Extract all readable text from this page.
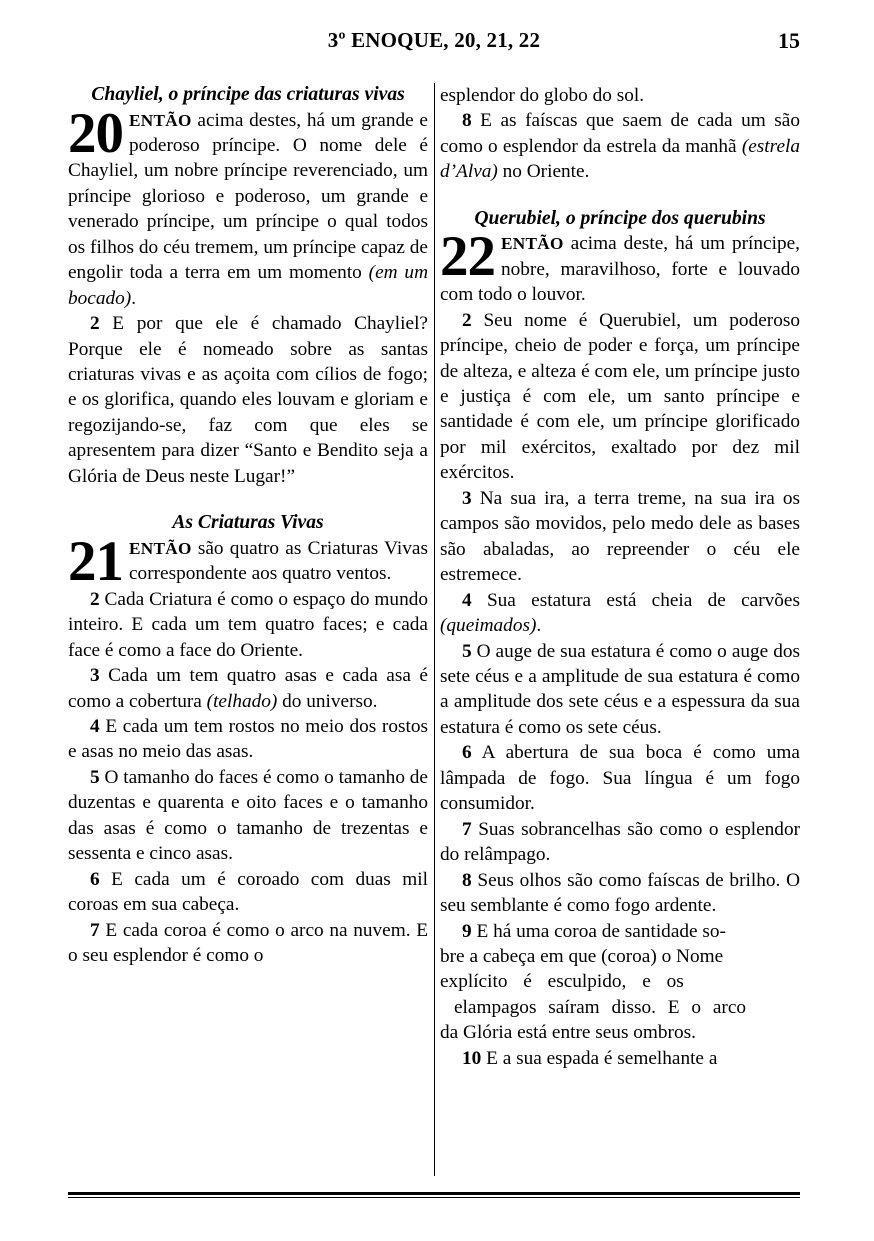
3º ENOQUE, 20, 21, 22	15
Chayliel, o príncipe das criaturas vivas
20 ENTÃO acima destes, há um grande e poderoso príncipe. O nome dele é Chayliel, um nobre príncipe reverenciado, um príncipe glorioso e poderoso, um grande e venerado príncipe, um príncipe o qual todos os filhos do céu tremem, um príncipe capaz de engolir toda a terra em um momento (em um bocado).

2 E por que ele é chamado Chayliel? Porque ele é nomeado sobre as santas criaturas vivas e as açoita com cílios de fogo; e os glorifica, quando eles louvam e gloriam e regozijando-se, faz com que eles se apresentem para dizer “Santo e Bendito seja a Glória de Deus neste Lugar!”

As Criaturas Vivas
21 ENTÃO são quatro as Criaturas Vivas correspondente aos quatro ventos.

2 Cada Criatura é como o espaço do mundo inteiro. E cada um tem quatro faces; e cada face é como a face do Oriente.

3 Cada um tem quatro asas e cada asa é como a cobertura (telhado) do universo.

4 E cada um tem rostos no meio dos rostos e asas no meio das asas.

5 O tamanho do faces é como o tamanho de duzentas e quarenta e oito faces e o tamanho das asas é como o tamanho de trezentas e sessenta e cinco asas.

6 E cada um é coroado com duas mil coroas em sua cabeça.

7 E cada coroa é como o arco na nuvem. E o seu esplendor é como o

esplendor do globo do sol.

8 E as faíscas que saem de cada um são como o esplendor da estrela da manhã (estrela d’Alva) no Oriente.

Querubiel, o príncipe dos querubins
22 ENTÃO acima deste, há um príncipe, nobre, maravilhoso, forte e louvado com todo o louvor.

2 Seu nome é Querubiel, um poderoso príncipe, cheio de poder e força, um príncipe de alteza, e alteza é com ele, um príncipe justo e justiça é com ele, um santo príncipe e santidade é com ele, um príncipe glorificado por mil exércitos, exaltado por dez mil exércitos.

3 Na sua ira, a terra treme, na sua ira os campos são movidos, pelo medo dele as bases são abaladas, ao repreender o céu ele estremece.

4 Sua estatura está cheia de carvões (queimados).

5 O auge de sua estatura é como o auge dos sete céus e a amplitude de sua estatura é como a amplitude dos sete céus e a espessura da sua estatura é como os sete céus.

6 A abertura de sua boca é como uma lâmpada de fogo. Sua língua é um fogo consumidor.

7 Suas sobrancelhas são como o esplendor do relâmpago.

8 Seus olhos são como faíscas de brilho. O seu semblante é como fogo ardente.

9 E há uma coroa de santidade so-

bre a cabeça em que (coroa) o Nome

explícito é esculpido, e os

elampagos saíram disso. E o arco

da Glória está entre seus ombros.

10 E a sua espada é semelhante a
